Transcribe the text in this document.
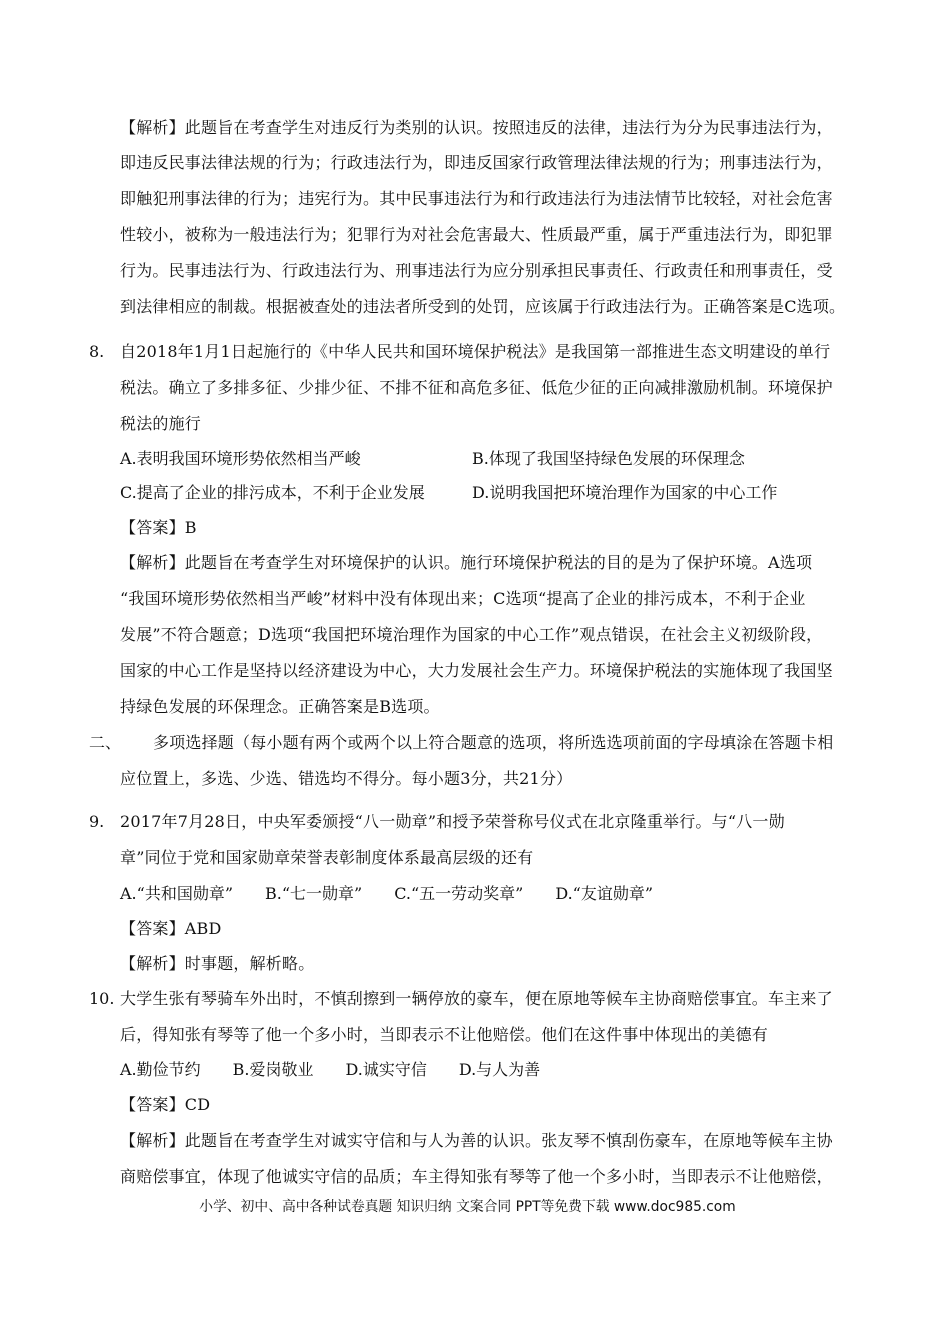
【解析】此题旨在考查学生对违反行为类别的认识。按照违反的法律，违法行为分为民事违法行为，
即违反民事法律法规的行为；行政违法行为，即违反国家行政管理法律法规的行为；刑事违法行为，
即触犯刑事法律的行为；违宪行为。其中民事违法行为和行政违法行为违法情节比较轻，对社会危害
性较小，被称为一般违法行为；犯罪行为对社会危害最大、性质最严重，属于严重违法行为，即犯罪
行为。民事违法行为、行政违法行为、刑事违法行为应分别承担民事责任、行政责任和刑事责任，受
到法律相应的制裁。根据被查处的违法者所受到的处罚，应该属于行政违法行为。正确答案是C选项。
8. 自2018年1月1日起施行的《中华人民共和国环境保护税法》是我国第一部推进生态文明建设的单行
税法。确立了多排多征、少排少征、不排不征和高危多征、低危少征的正向减排激励机制。环境保护
税法的施行
A.表明我国环境形势依然相当严峻	B.体现了我国坚持绿色发展的环保理念
C.提高了企业的排污成本，不利于企业发展	D.说明我国把环境治理作为国家的中心工作
【答案】B
【解析】此题旨在考查学生对环境保护的认识。施行环境保护税法的目的是为了保护环境。A选项
“我国环境形势依然相当严峻”材料中没有体现出来；C选项“提高了企业的排污成本，不利于企业
发展”不符合题意；D选项“我国把环境治理作为国家的中心工作”观点错误，在社会主义初级阶段，
国家的中心工作是坚持以经济建设为中心，大力发展社会生产力。环境保护税法的实施体现了我国坚
持绿色发展的环保理念。正确答案是B选项。
二、 多项选择题（每小题有两个或两个以上符合题意的选项，将所选选项前面的字母填涂在答题卡相
应位置上，多选、少选、错选均不得分。每小题3分，共21分）
9. 2017年7月28日，中央军委颁授“八一勋章”和授予荣誉称号仪式在北京隆重举行。与“八一勋
章”同位于党和国家勋章荣誉表彰制度体系最高层级的还有
A.“共和国勋章”　　B.“七一勋章”　　C.“五一劳动奖章”　　D.“友谊勋章”
【答案】ABD
【解析】时事题，解析略。
10. 大学生张有琴骑车外出时，不慎刮擦到一辆停放的豪车，便在原地等候车主协商赔偿事宜。车主来了
后，得知张有琴等了他一个多小时，当即表示不让他赔偿。他们在这件事中体现出的美德有
A.勤俭节约　　B.爱岗敬业　　D.诚实守信　　D.与人为善
【答案】CD
【解析】此题旨在考查学生对诚实守信和与人为善的认识。张友琴不慎刮伤豪车，在原地等候车主协
商赔偿事宜，体现了他诚实守信的品质；车主得知张有琴等了他一个多小时，当即表示不让他赔偿，
小学、初中、高中各种试卷真题 知识归纳 文案合同 PPT等免费下载 www.doc985.com
